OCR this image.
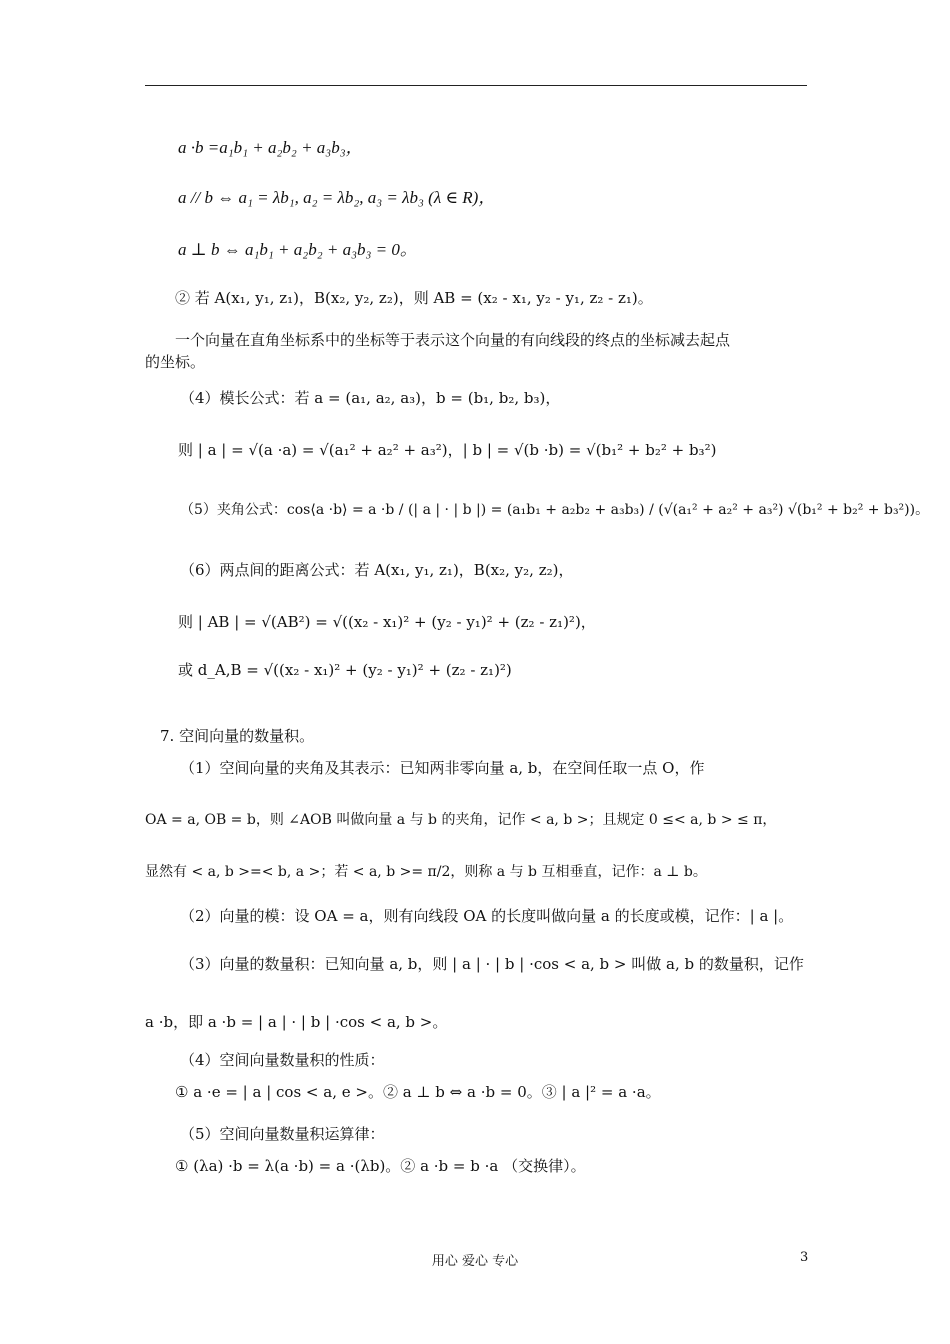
a ·b =a₁b₁ + a₂b₂ + a₃b₃，
a // b ⇔ a₁ = λb₁, a₂ = λb₂, a₃ = λb₃ (λ ∈ R)，
a ⊥ b ⇔ a₁b₁ + a₂b₂ + a₃b₃ = 0。
② 若 A(x₁, y₁, z₁)，B(x₂, y₂, z₂)，则 AB = (x₂ - x₁, y₂ - y₁, z₂ - z₁)。
一个向量在直角坐标系中的坐标等于表示这个向量的有向线段的终点的坐标减去起点
的坐标。
（4）模长公式：若 a = (a₁, a₂, a₃)，b = (b₁, b₂, b₃)，
则 | a | = √(a ·a) = √(a₁² + a₂² + a₃²)，| b | = √(b ·b) = √(b₁² + b₂² + b₃²)
（5）夹角公式：cos⟨a ·b⟩ = a ·b / (| a | · | b |) = (a₁b₁ + a₂b₂ + a₃b₃) / (√(a₁² + a₂² + a₃²) √(b₁² + b₂² + b₃²))。
（6）两点间的距离公式：若 A(x₁, y₁, z₁)，B(x₂, y₂, z₂)，
则 | AB | = √(AB²) = √((x₂ - x₁)² + (y₂ - y₁)² + (z₂ - z₁)²)，
或 d_A,B = √((x₂ - x₁)² + (y₂ - y₁)² + (z₂ - z₁)²)
7. 空间向量的数量积。
（1）空间向量的夹角及其表示：已知两非零向量 a, b，在空间任取一点 O，作
OA = a, OB = b，则 ∠AOB 叫做向量 a 与 b 的夹角，记作 < a, b >；且规定 0 ≤< a, b > ≤ π，
显然有 < a, b >=< b, a >；若 < a, b >= π/2，则称 a 与 b 互相垂直，记作：a ⊥ b。
（2）向量的模：设 OA = a，则有向线段 OA 的长度叫做向量 a 的长度或模，记作：| a |。
（3）向量的数量积：已知向量 a, b，则 | a | · | b | ·cos < a, b > 叫做 a, b 的数量积，记作
a ·b，即 a ·b = | a | · | b | ·cos < a, b >。
（4）空间向量数量积的性质：
① a ·e = | a | cos < a, e >。② a ⊥ b ⇔ a ·b = 0。③ | a |² = a ·a。
（5）空间向量数量积运算律：
① (λa) ·b = λ(a ·b) = a ·(λb)。② a ·b = b ·a （交换律）。
用心 爱心 专心	3
